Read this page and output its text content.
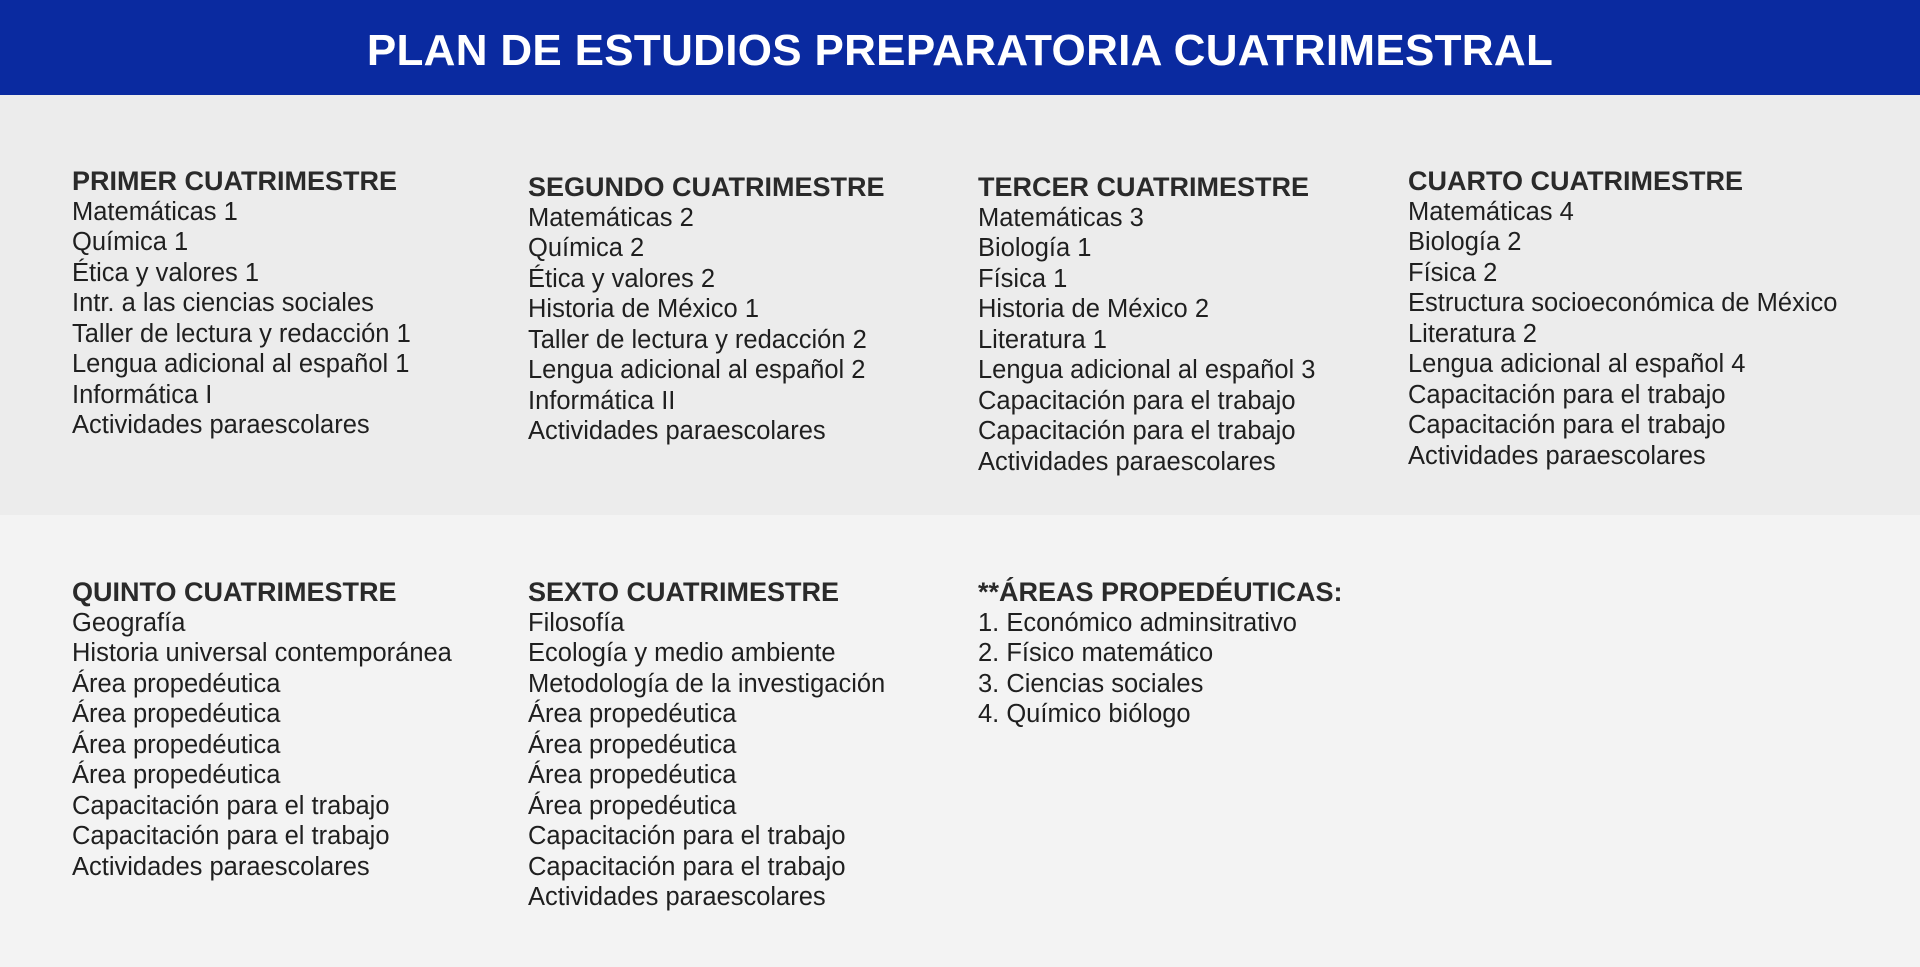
PLAN DE ESTUDIOS PREPARATORIA CUATRIMESTRAL
PRIMER CUATRIMESTRE
Matemáticas 1
Química 1
Ética y valores 1
Intr. a las ciencias sociales
Taller de lectura y redacción 1
Lengua adicional al español 1
Informática I
Actividades paraescolares
SEGUNDO CUATRIMESTRE
Matemáticas 2
Química 2
Ética y valores 2
Historia de México 1
Taller de lectura y redacción 2
Lengua adicional al español 2
Informática II
Actividades paraescolares
TERCER CUATRIMESTRE
Matemáticas 3
Biología 1
Física 1
Historia de México 2
Literatura 1
Lengua adicional al español 3
Capacitación para el trabajo
Capacitación para el trabajo
Actividades paraescolares
CUARTO CUATRIMESTRE
Matemáticas 4
Biología 2
Física 2
Estructura socioeconómica de México
Literatura 2
Lengua adicional al español 4
Capacitación para el trabajo
Capacitación para el trabajo
Actividades paraescolares
QUINTO CUATRIMESTRE
Geografía
Historia universal contemporánea
Área propedéutica
Área propedéutica
Área propedéutica
Área propedéutica
Capacitación para el trabajo
Capacitación para el trabajo
Actividades paraescolares
SEXTO CUATRIMESTRE
Filosofía
Ecología y medio ambiente
Metodología de la investigación
Área propedéutica
Área propedéutica
Área propedéutica
Área propedéutica
Capacitación para el trabajo
Capacitación para el trabajo
Actividades paraescolares
**ÁREAS PROPEDÉUTICAS:
1. Económico adminsitrativo
2. Físico matemático
3. Ciencias sociales
4. Químico biólogo
